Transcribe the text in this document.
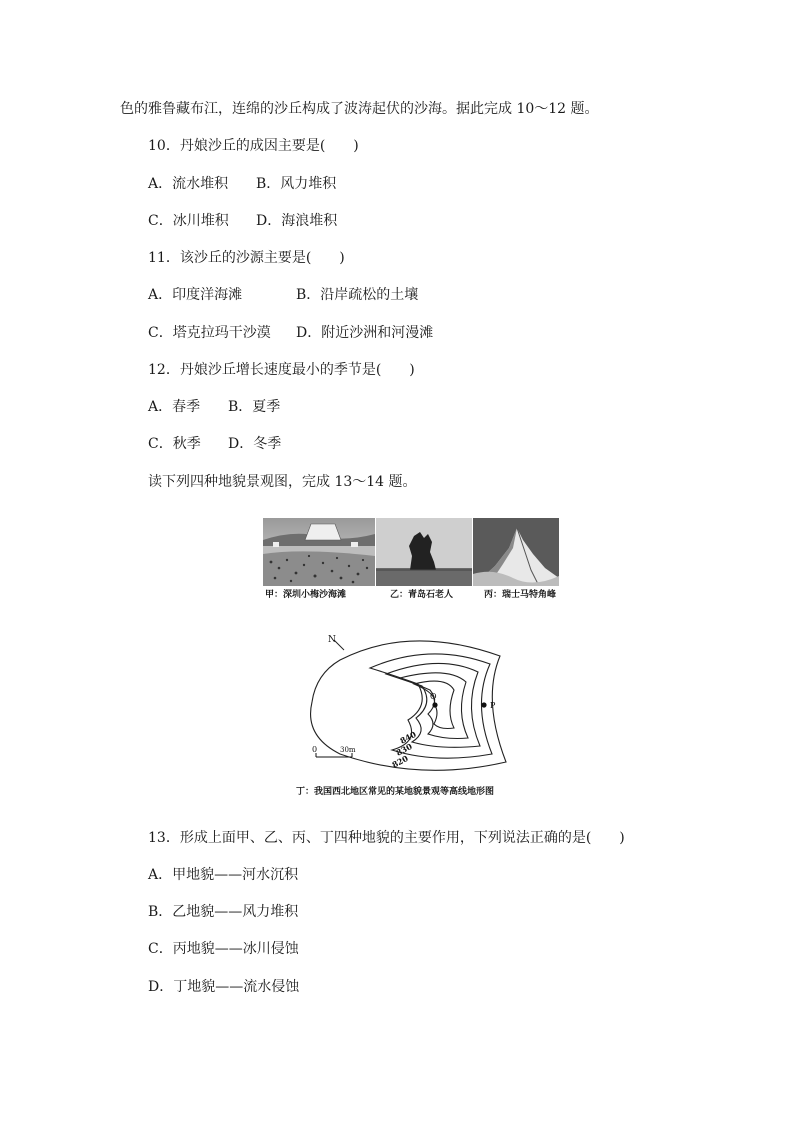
色的雅鲁藏布江，连绵的沙丘构成了波涛起伏的沙海。据此完成 10～12 题。
10．丹娘沙丘的成因主要是(　　)
A．流水堆积 B．风力堆积
C．冰川堆积 D．海浪堆积
11．该沙丘的沙源主要是(　　)
A．印度洋海滩	B．沿岸疏松的土壤
C．塔克拉玛干沙漠 D．附近沙洲和河漫滩
12．丹娘沙丘增长速度最小的季节是(　　)
A．春季 B．夏季
C．秋季 D．冬季
读下列四种地貌景观图，完成 13～14 题。
甲：深圳小梅沙海滩	乙：青岛石老人	丙：瑞士马特角峰
N
Q
P
840
830
820
0	30m
丁：我国西北地区常见的某地貌景观等高线地形图
13．形成上面甲、乙、丙、丁四种地貌的主要作用，下列说法正确的是(　　)
A．甲地貌——河水沉积
B．乙地貌——风力堆积
C．丙地貌——冰川侵蚀
D．丁地貌——流水侵蚀
